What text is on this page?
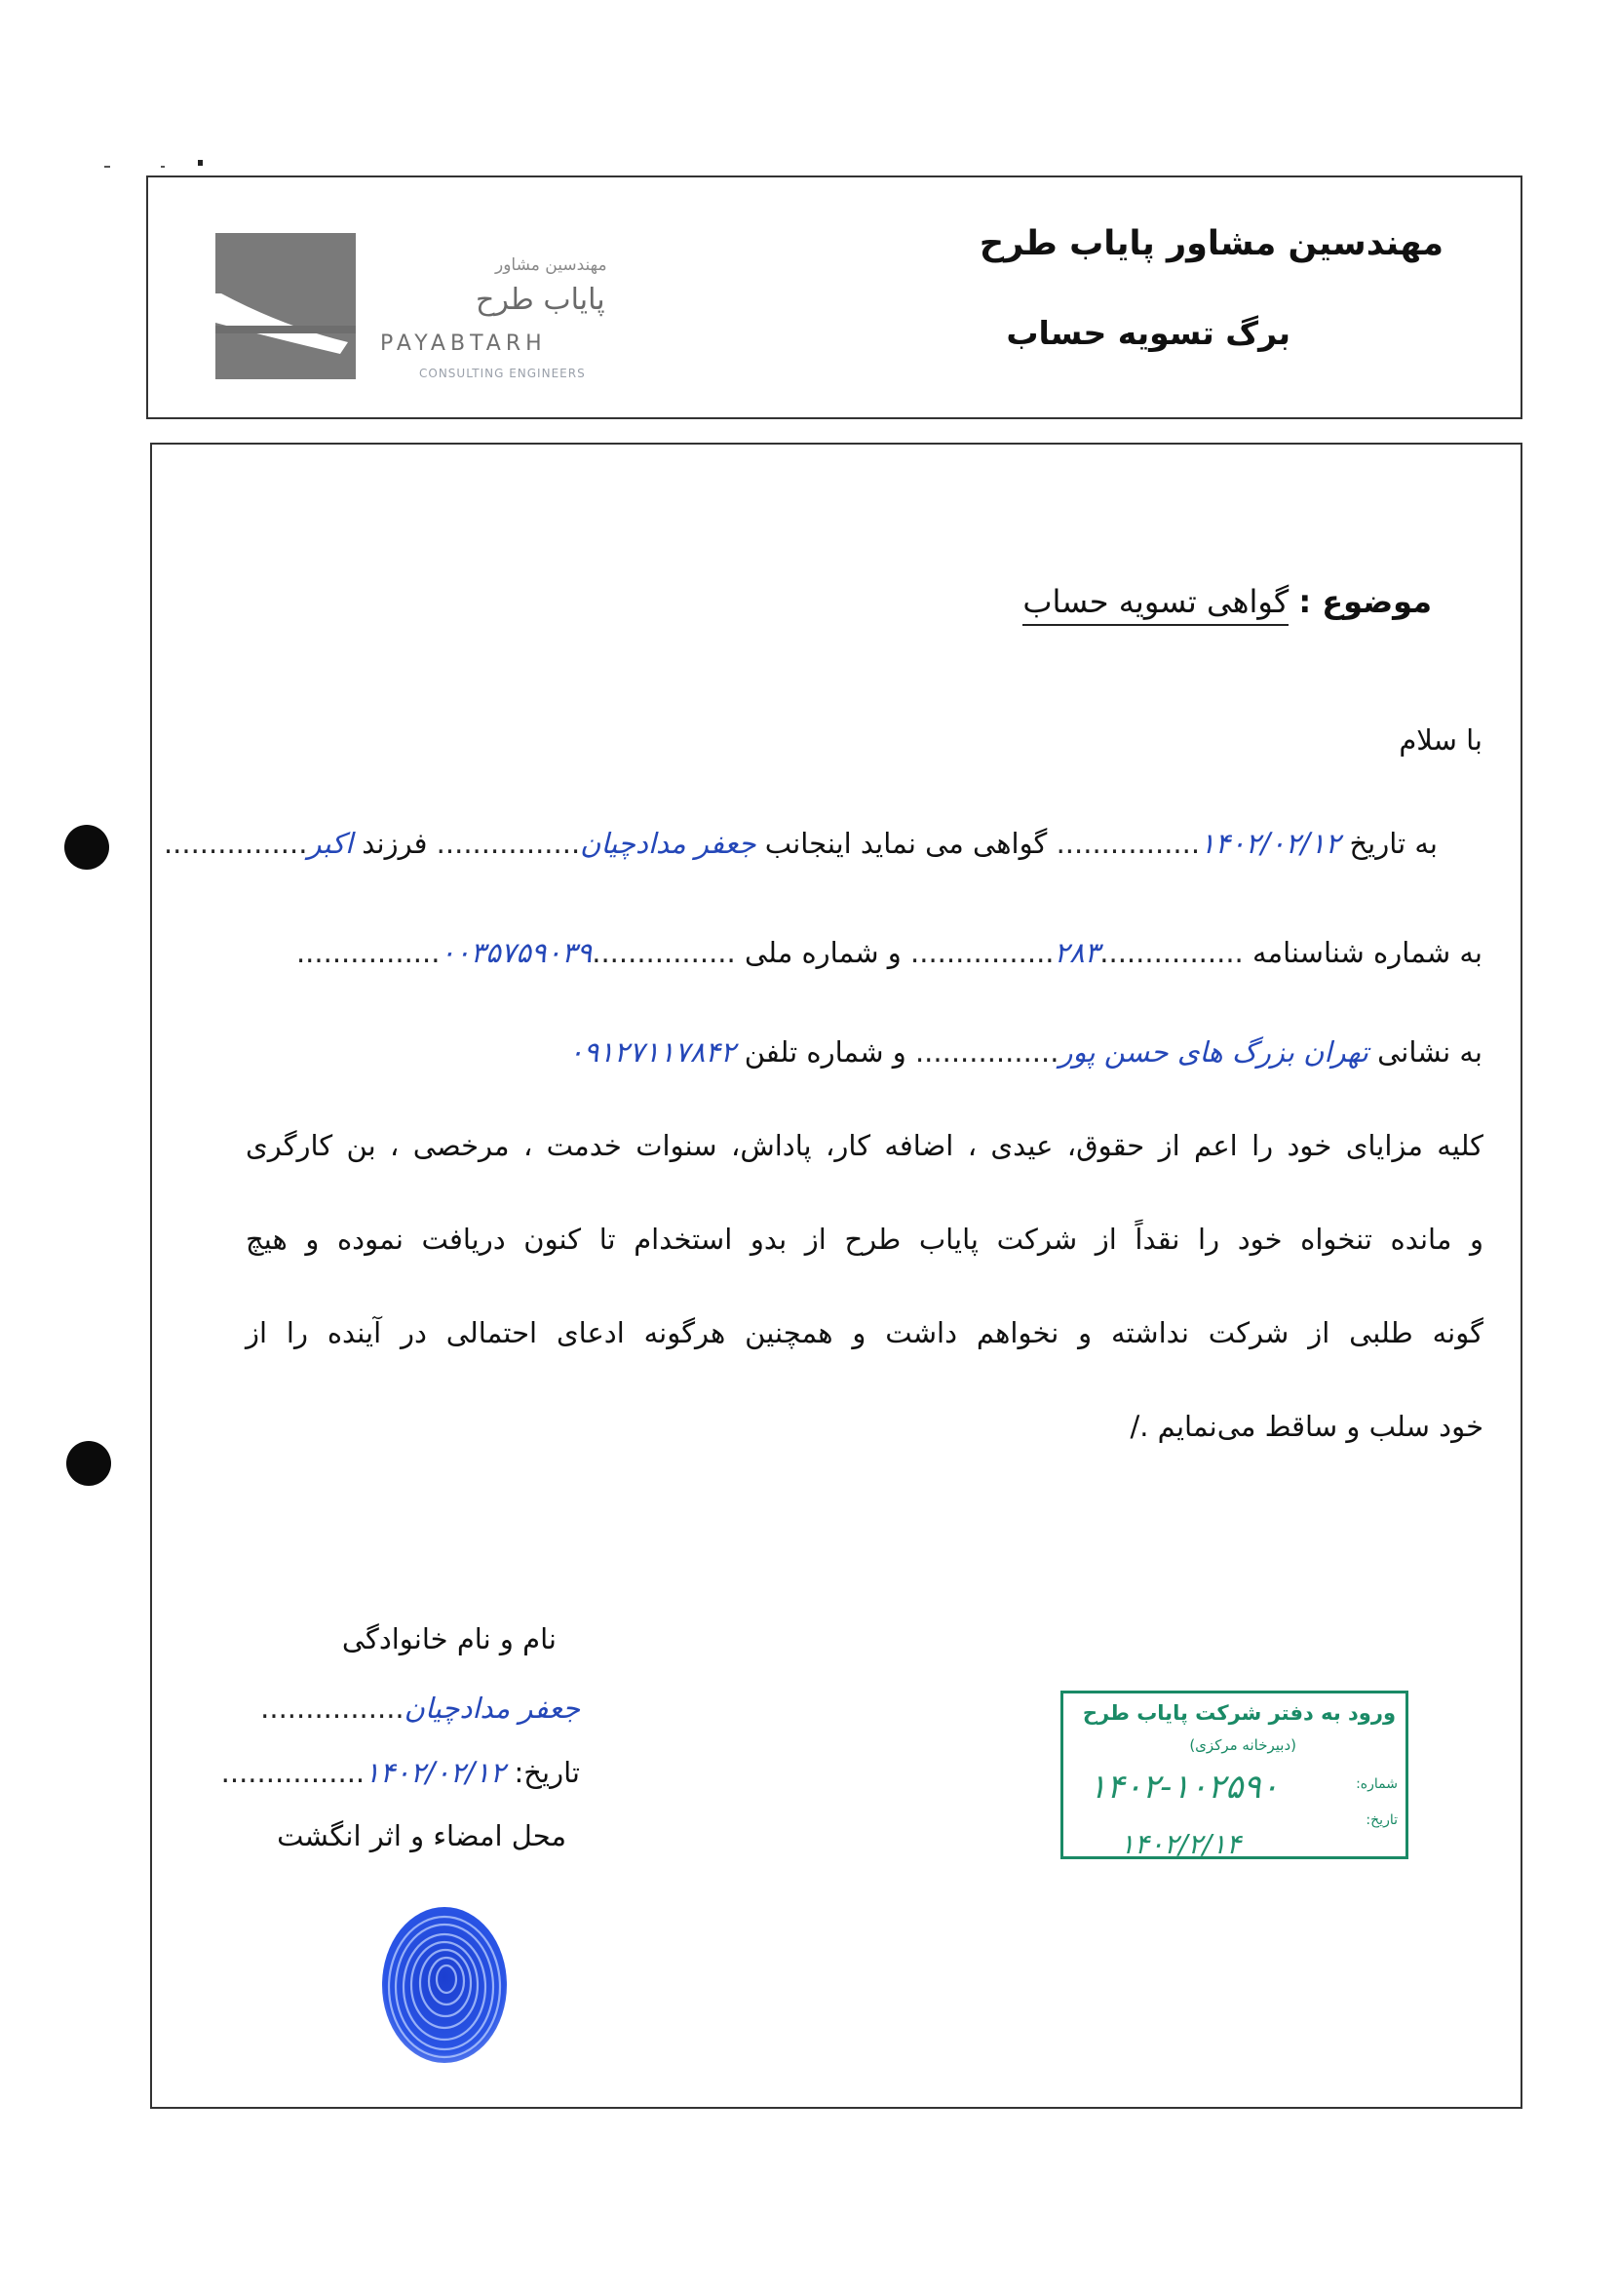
مهندسین مشاور
پایاب طرح
PAYABTARH
CONSULTING ENGINEERS
مهندسین مشاور پایاب طرح
برگ تسویه حساب
موضوع : گواهی تسویه حساب
با سلام
به تاریخ ۱۴۰۲/۰۲/۱۲................ گواهی می نماید اینجانب جعفر مدادچیان................ فرزند اکبر................
به شماره شناسنامه ................۲۸۳................ و شماره ملی ................۰۰۳۵۷۵۹۰۳۹................
به نشانی تهران بزرگ های حسن پور................ و شماره تلفن ۰۹۱۲۷۱۱۷۸۴۲
کلیه مزایای خود را اعم از حقوق، عیدی ، اضافه کار، پاداش، سنوات خدمت ، مرخصی ، بن کارگری
و مانده تنخواه خود را نقداً از شرکت پایاب طرح از بدو استخدام تا کنون دریافت نموده و هیچ
گونه طلبی از شرکت نداشته و نخواهم داشت و همچنین هرگونه ادعای احتمالی در آینده را از
خود سلب و ساقط می‌نمایم ./
نام و نام خانوادگی
جعفر مدادچیان................
تاریخ: ۱۴۰۲/۰۲/۱۲................
محل امضاء و اثر انگشت
ورود به دفتر شرکت پایاب طرح
(دبیرخانه مرکزی)
شماره:
تاریخ:
۱۴۰۲-۱۰۲۵۹۰
۱۴۰۲/۲/۱۴
